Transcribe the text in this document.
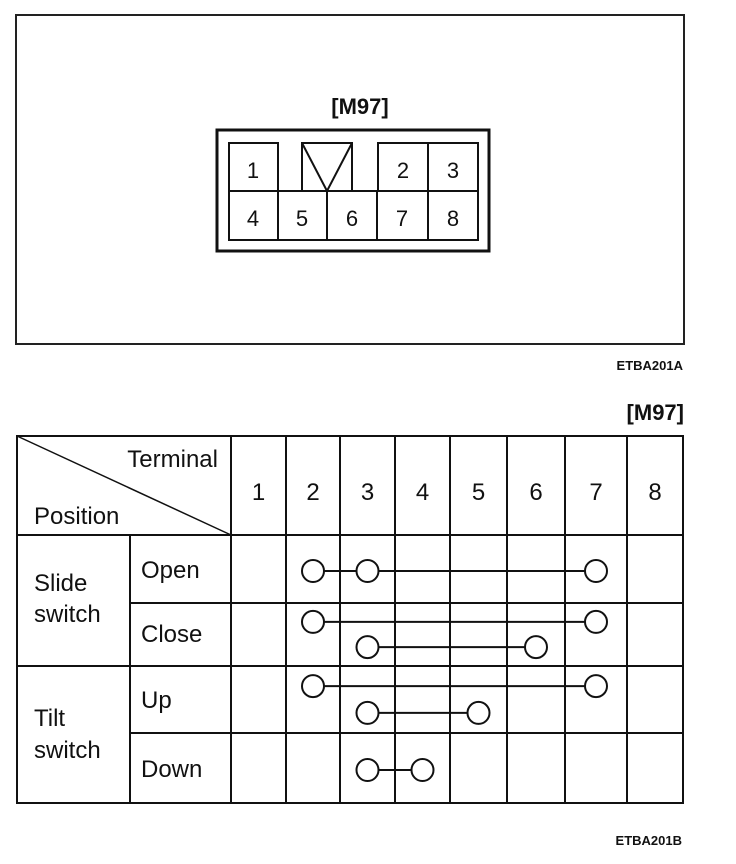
[M97]
1	2 3
4 5 6 7 8
ETBA201A
[M97]
Terminal
Position
1 2 3 4 5 6 7 8
Slide
switch
Tilt
switch
Open
Close
Up
Down
ETBA201B
